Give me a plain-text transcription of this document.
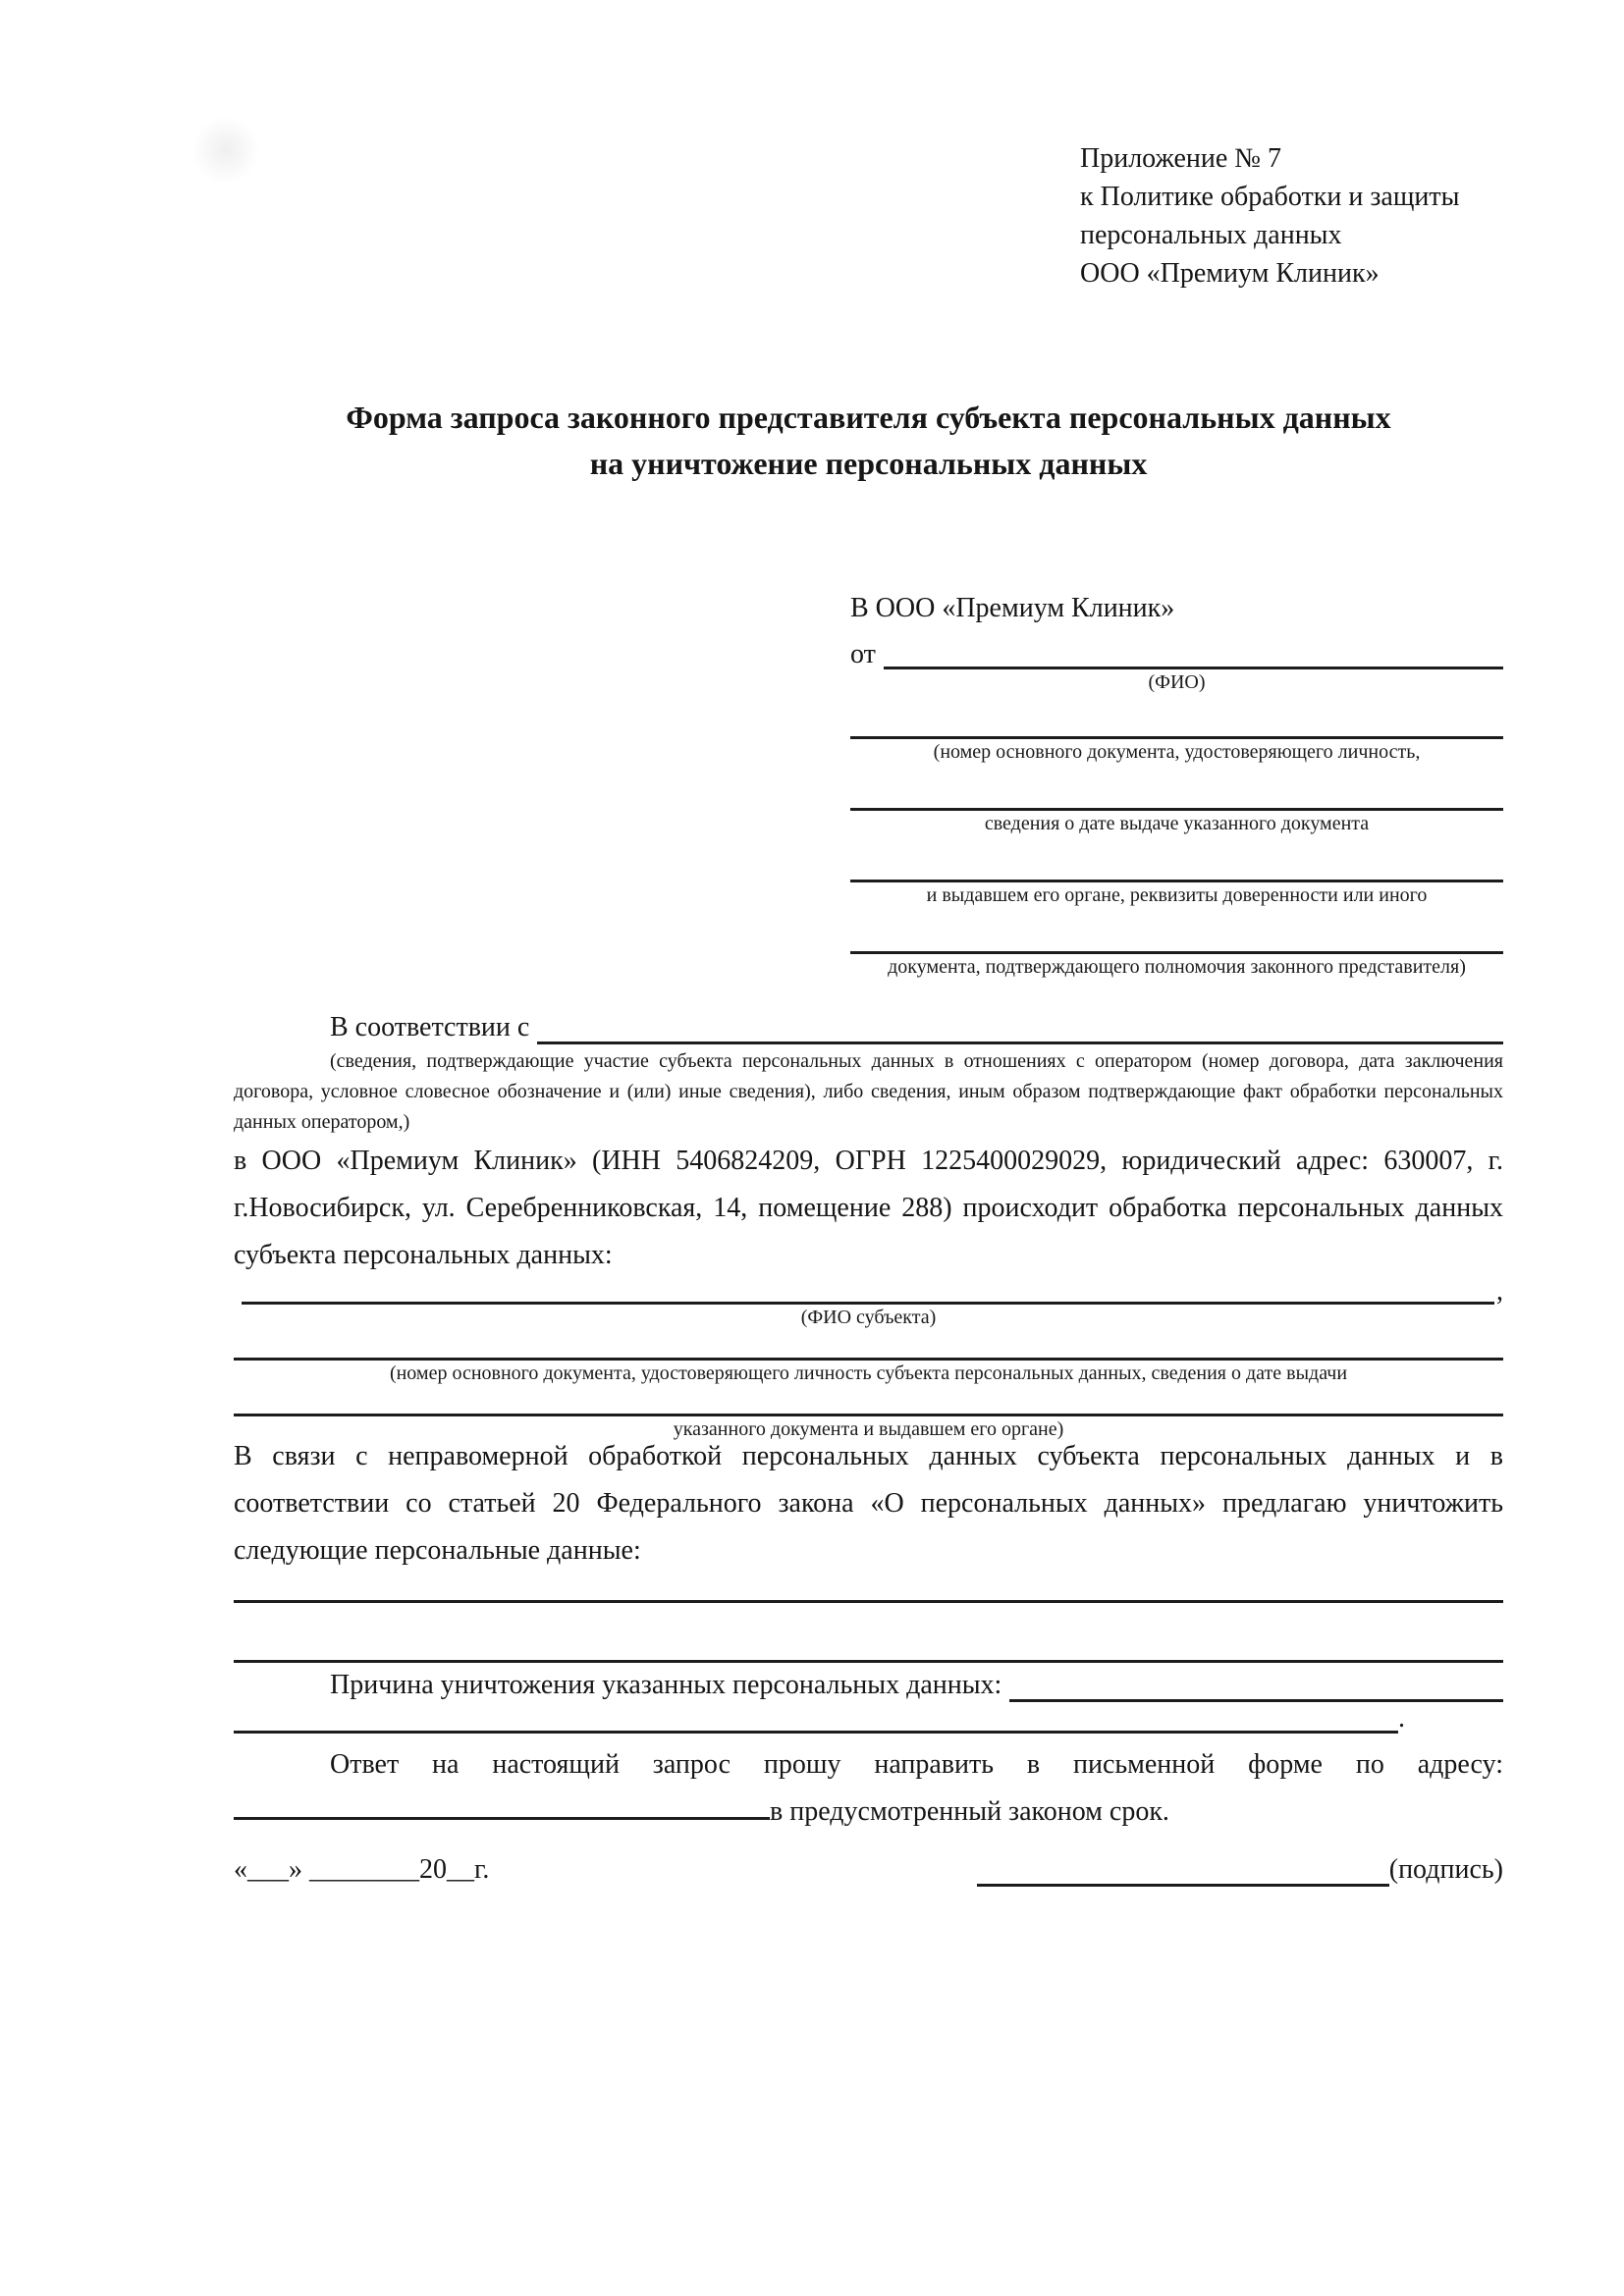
Приложение № 7
к Политике обработки и защиты
персональных данных
ООО «Премиум Клиник»
Форма запроса законного представителя субъекта персональных данных
на уничтожение персональных данных
В ООО «Премиум Клиник»
от
(ФИО)
(номер основного документа, удостоверяющего личность,
сведения о дате выдаче указанного документа
и выдавшем его органе, реквизиты доверенности или иного
документа, подтверждающего полномочия законного представителя)
В соответствии с
(сведения, подтверждающие участие субъекта персональных данных в отношениях с оператором (номер договора, дата заключения договора, условное словесное обозначение и (или) иные сведения), либо сведения, иным образом подтверждающие факт обработки персональных данных оператором,)
в ООО «Премиум Клиник» (ИНН 5406824209, ОГРН 1225400029029, юридический адрес: 630007, г. г.Новосибирск, ул. Серебренниковская, 14, помещение 288) происходит обработка персональных данных субъекта персональных данных:
,
(ФИО субъекта)
(номер основного документа, удостоверяющего личность субъекта персональных данных, сведения о дате выдачи
указанного документа и выдавшем его органе)
В связи с неправомерной обработкой персональных данных субъекта персональных данных и в соответствии со статьей 20 Федерального закона «О персональных данных» предлагаю уничтожить следующие персональные данные:
Причина уничтожения указанных персональных данных:
.
Ответ на настоящий запрос прошу направить в письменной форме по адресу: в предусмотренный законом срок.
«___» ________20__г.	(подпись)
